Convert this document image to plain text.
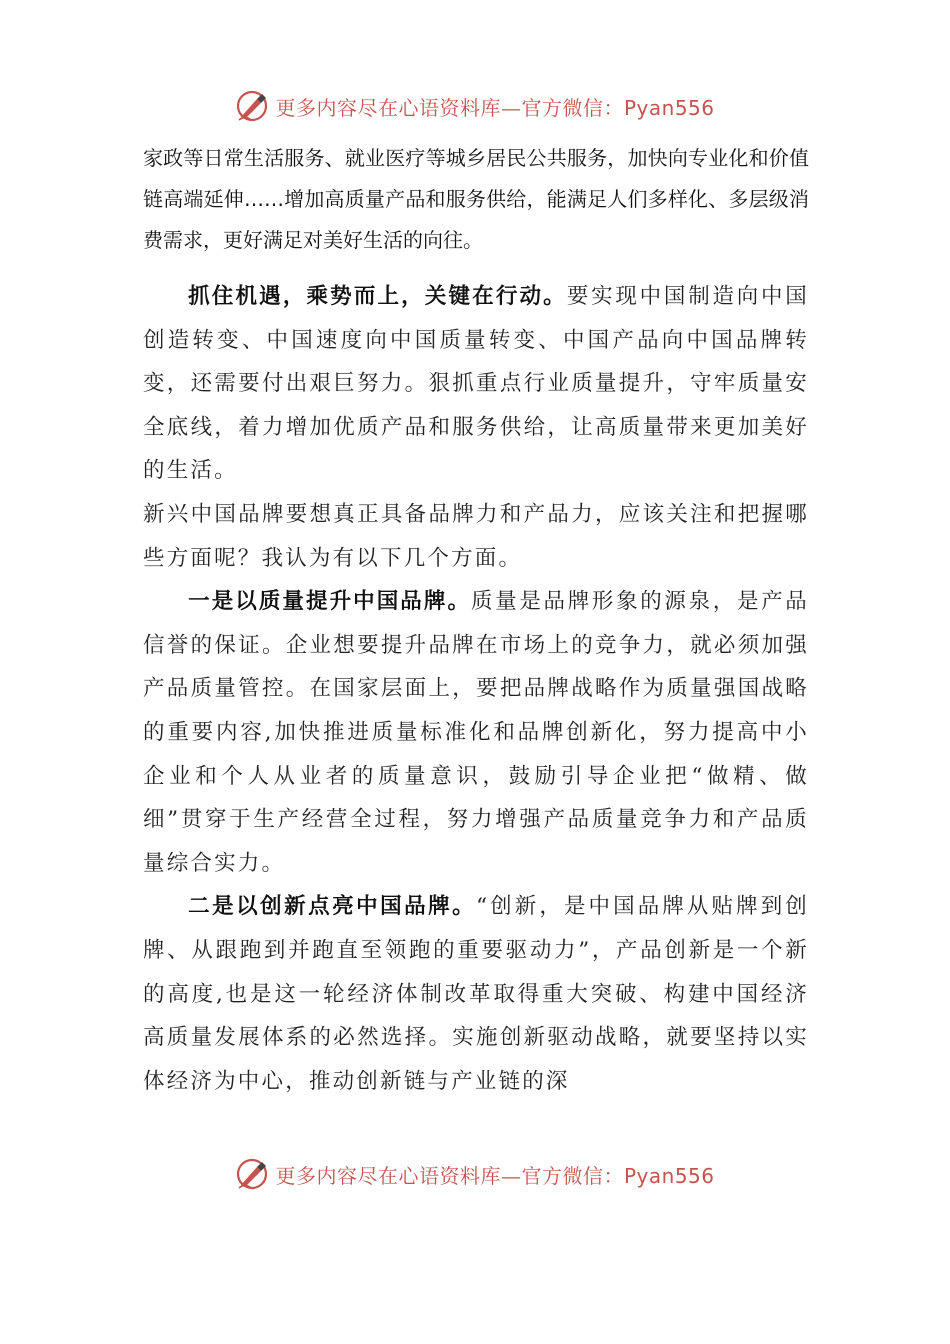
更多内容尽在心语资料库—官方微信：Pyan556

家政等日常生活服务、就业医疗等城乡居民公共服务，加快向专业化和价值链高端延伸……增加高质量产品和服务供给，能满足人们多样化、多层级消费需求，更好满足对美好生活的向往。

抓住机遇，乘势而上，关键在行动。要实现中国制造向中国创造转变、中国速度向中国质量转变、中国产品向中国品牌转变，还需要付出艰巨努力。狠抓重点行业质量提升，守牢质量安全底线，着力增加优质产品和服务供给，让高质量带来更加美好的生活。

新兴中国品牌要想真正具备品牌力和产品力，应该关注和把握哪些方面呢？我认为有以下几个方面。

一是以质量提升中国品牌。质量是品牌形象的源泉，是产品信誉的保证。企业想要提升品牌在市场上的竞争力，就必须加强产品质量管控。在国家层面上，要把品牌战略作为质量强国战略的重要内容,加快推进质量标准化和品牌创新化，努力提高中小企业和个人从业者的质量意识，鼓励引导企业把“做精、做细”贯穿于生产经营全过程，努力增强产品质量竞争力和产品质量综合实力。

二是以创新点亮中国品牌。“创新，是中国品牌从贴牌到创牌、从跟跑到并跑直至领跑的重要驱动力”，产品创新是一个新的高度,也是这一轮经济体制改革取得重大突破、构建中国经济高质量发展体系的必然选择。实施创新驱动战略，就要坚持以实体经济为中心，推动创新链与产业链的深

更多内容尽在心语资料库—官方微信：Pyan556
